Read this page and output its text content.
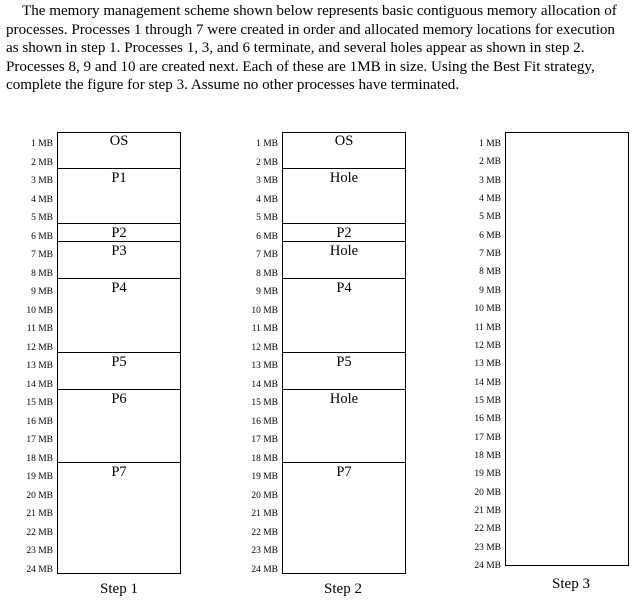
The memory management scheme shown below represents basic contiguous memory allocation of processes. Processes 1 through 7 were created in order and allocated memory locations for execution as shown in step 1. Processes 1, 3, and 6 terminate, and several holes appear as shown in step 2. Processes 8, 9 and 10 are created next. Each of these are 1MB in size. Using the Best Fit strategy, complete the figure for step 3. Assume no other processes have terminated.

1 MB
2 MB
3 MB
4 MB
5 MB
6 MB
7 MB
8 MB
9 MB
10 MB
11 MB
12 MB
13 MB
14 MB
15 MB
16 MB
17 MB
18 MB
19 MB
20 MB
21 MB
22 MB
23 MB
24 MB
OS
P1
P2
P3
P4
P5
P6
P7
Step 1
1 MB
2 MB
3 MB
4 MB
5 MB
6 MB
7 MB
8 MB
9 MB
10 MB
11 MB
12 MB
13 MB
14 MB
15 MB
16 MB
17 MB
18 MB
19 MB
20 MB
21 MB
22 MB
23 MB
24 MB
OS
Hole
P2
Hole
P4
P5
Hole
P7
Step 2
1 MB
2 MB
3 MB
4 MB
5 MB
6 MB
7 MB
8 MB
9 MB
10 MB
11 MB
12 MB
13 MB
14 MB
15 MB
16 MB
17 MB
18 MB
19 MB
20 MB
21 MB
22 MB
23 MB
24 MB
Step 3
